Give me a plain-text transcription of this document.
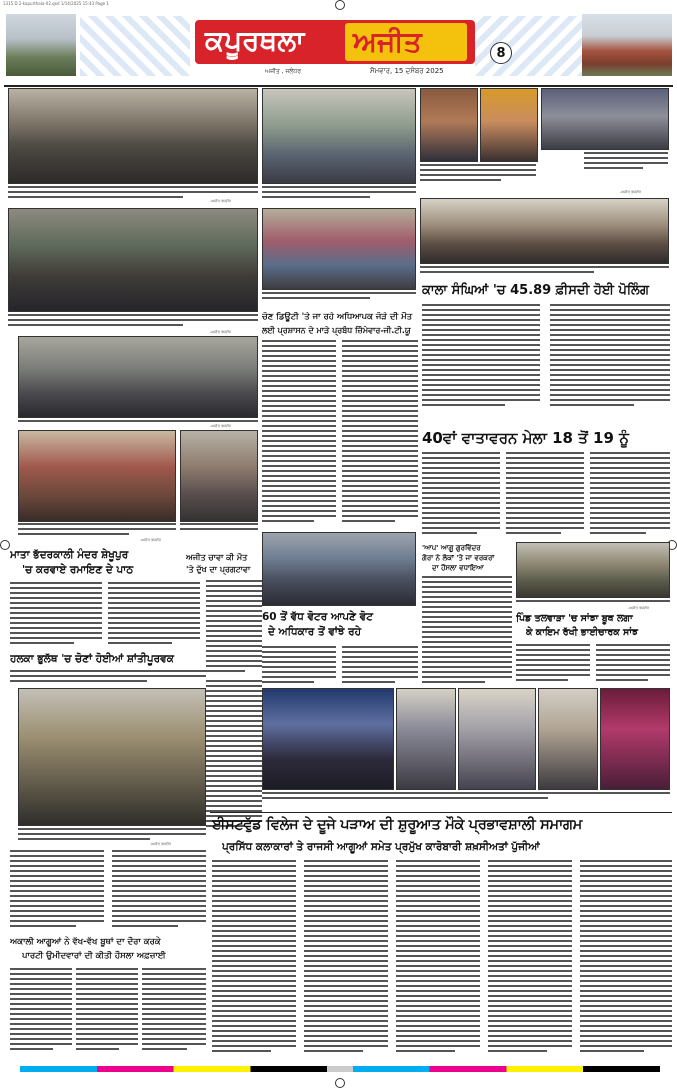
1315 D 2-kapurthala-02.qxd 1/14/2025 15:43 Page 1
ਕਪੂਰਥਲਾ ਅਜੀਤ
ਅਜੀਤ , ਜਲੰਧਰ	ਸੋਮਵਾਰ, 15 ਦਸੰਬਰ 2025
8
ਕਾਲਾ ਸੰਘਿਆਂ 'ਚ 45.89 ਫ਼ੀਸਦੀ ਹੋਈ ਪੋਲਿੰਗ
ਚੋਣ ਡਿਊਟੀ 'ਤੇ ਜਾ ਰਹੇ ਅਧਿਆਪਕ ਜੋੜੇ ਦੀ ਮੌਤ
ਲਈ ਪ੍ਰਸ਼ਾਸਨ ਦੇ ਮਾੜੇ ਪ੍ਰਬੰਧ ਜ਼ਿੰਮੇਵਾਰ-ਜੀ.ਟੀ.ਯੂ
40ਵਾਂ ਵਾਤਾਵਰਨ ਮੇਲਾ 18 ਤੋਂ 19 ਨੂੰ
ਮਾਤਾ ਭੱਦਰਕਾਲੀ ਮੰਦਰ ਸ਼ੇਖੂਪੁਰ
'ਚ ਕਰਵਾਏ ਰਮਾਇਣ ਦੇ ਪਾਠ
ਅਜੀਤ ਚਾਵਾ ਕੀ ਮੌਤ
'ਤੇ ਦੁੱਖ ਦਾ ਪ੍ਰਗਟਾਵਾ
60 ਤੋਂ ਵੱਧ ਵੋਟਰ ਆਪਣੇ ਵੋਟ
ਦੇ ਅਧਿਕਾਰ ਤੋਂ ਵਾਂਝੇ ਰਹੇ
'ਆਪ' ਆਗੂ ਗੁਰਵਿੰਦਰ
ਗੋਰਾ ਨੇ ਲੋਕਾਂ 'ਤੇ ਜਾ ਵਰਕਰਾਂ
ਦਾ ਹੌਸਲਾ ਵਧਾਇਆ
ਪਿੰਡ ਤਲਵਾੜਾ 'ਚ ਸਾਂਝਾ ਬੂਥ ਲਗਾ
ਕੇ ਕਾਇਮ ਰੱਖੀ ਭਾਈਚਾਰਕ ਸਾਂਝ
ਹਲਕਾ ਭੁਲੱਥ 'ਚ ਚੋਣਾਂ ਹੋਈਆਂ ਸ਼ਾਂਤੀਪੂਰਵਕ
ਈਸਟਵੁੱਡ ਵਿਲੇਜ ਦੇ ਦੂਜੇ ਪੜਾਅ ਦੀ ਸ਼ੁਰੂਆਤ ਮੌਕੇ ਪ੍ਰਭਾਵਸ਼ਾਲੀ ਸਮਾਗਮ
ਪ੍ਰਸਿੱਧ ਕਲਾਕਾਰਾਂ ਤੇ ਰਾਜਸੀ ਆਗੂਆਂ ਸਮੇਤ ਪ੍ਰਮੁੱਖ ਕਾਰੋਬਾਰੀ ਸ਼ਖ਼ਸੀਅਤਾਂ ਪੁੱਜੀਆਂ
ਅਕਾਲੀ ਆਗੂਆਂ ਨੇ ਵੱਖ-ਵੱਖ ਬੂਥਾਂ ਦਾ ਦੌਰਾ ਕਰਕੇ
ਪਾਰਟੀ ਉਮੀਦਵਾਰਾਂ ਦੀ ਕੀਤੀ ਹੌਸਲਾ ਅਫ਼ਜ਼ਾਈ
-ਅਜੀਤ ਤਸਵੀਰ
-ਅਜੀਤ ਤਸਵੀਰ
-ਅਜੀਤ ਤਸਵੀਰ
-ਅਜੀਤ ਤਸਵੀਰ
-ਅਜੀਤ ਤਸਵੀਰ
-ਅਜੀਤ ਤਸਵੀਰ
-ਅਜੀਤ ਤਸਵੀਰ
